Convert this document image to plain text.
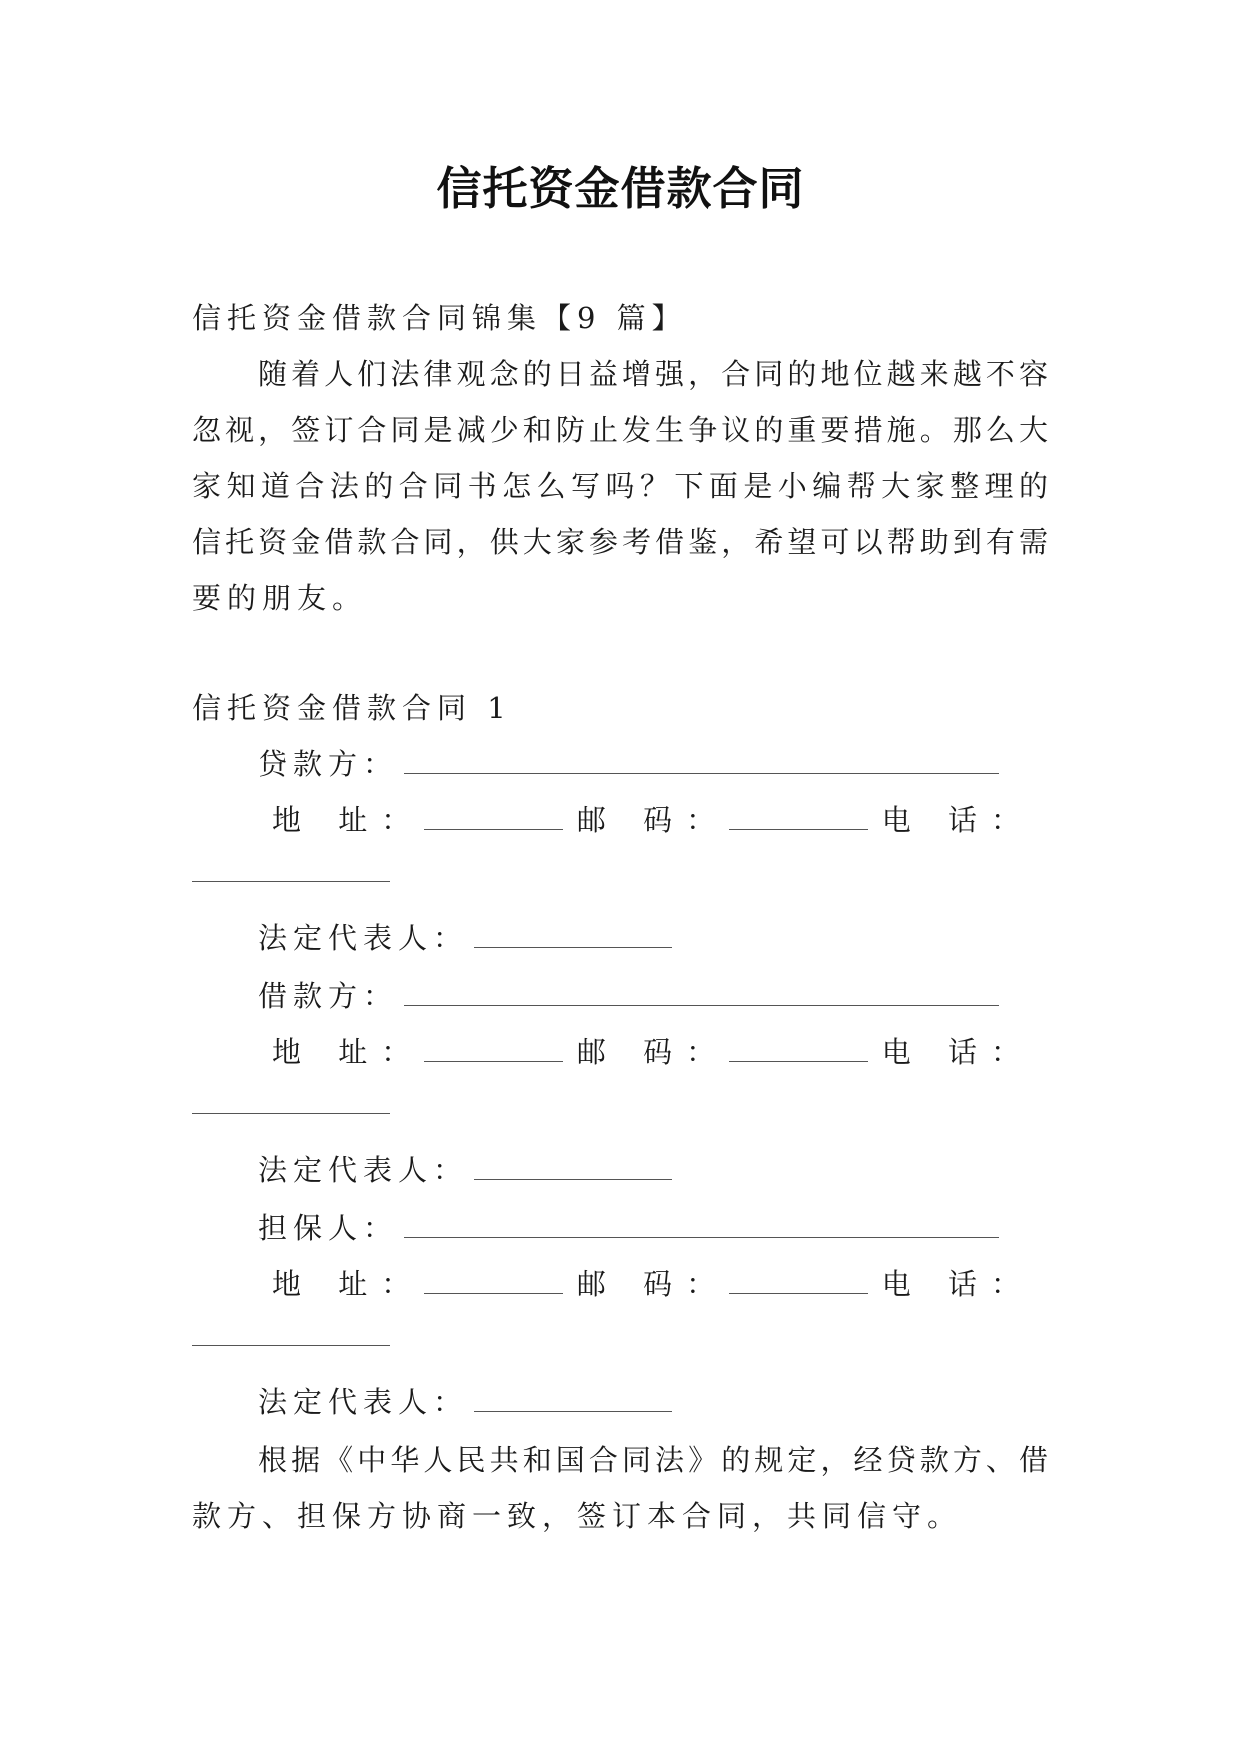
信托资金借款合同
信托资金借款合同锦集【9 篇】
随着人们法律观念的日益增强，合同的地位越来越不容
忽视，签订合同是减少和防止发生争议的重要措施。那么大
家知道合法的合同书怎么写吗？下面是小编帮大家整理的
信托资金借款合同，供大家参考借鉴，希望可以帮助到有需
要的朋友。
信托资金借款合同 1
贷款方：
地 址：	邮 码：	电 话：
法定代表人：
借款方：
地 址：	邮 码：	电 话：
法定代表人：
担保人：
地 址：	邮 码：	电 话：
法定代表人：
根据《中华人民共和国合同法》的规定，经贷款方、借
款方、担保方协商一致，签订本合同，共同信守。
